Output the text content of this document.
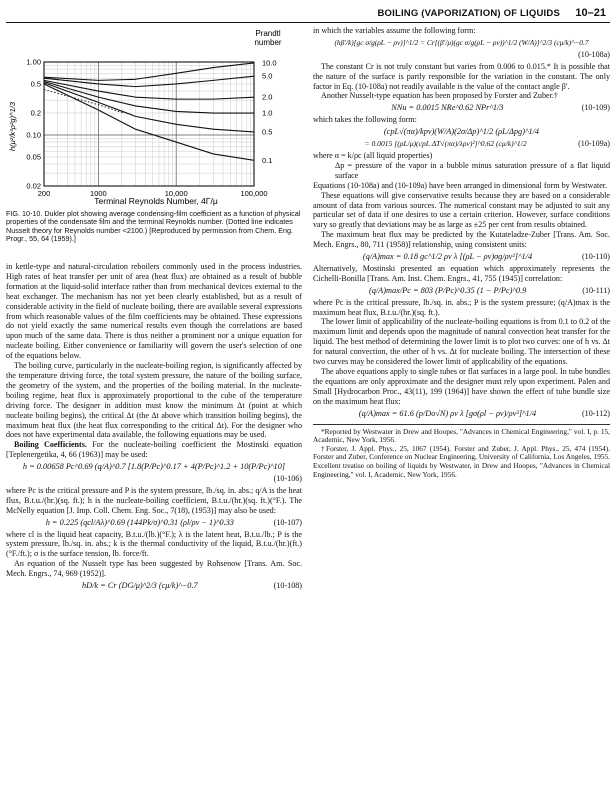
BOILING (VAPORIZATION) OF LIQUIDS 10–21
Prandtl
number
h(μ²/k³ρ²g)^1/3
Terminal Reynolds Number, 4Γ/μ
200	1000	10,000	100,000
1.00
0.5
0.2
0.10
0.05
0.02
10.0
5.0
2.0
1.0
0.5
0.1
FIG. 10-10. Dukler plot showing average condensing-film coefficient as a function of physical properties of the condensate film and the terminal Reynolds number. (Dotted line indicates Nusselt theory for Reynolds number <2100.) [Reproduced by permission from Chem. Eng. Progr., 55, 64 (1959).]

in kettle-type and natural-circulation reboilers commonly used in the process industries. High rates of heat transfer per unit of area (heat flux) are obtained as a result of bubble formation at the liquid-solid interface rather than from mechanical devices external to the heat exchanger. The mechanism has not yet been clearly established, but as a result of considerable activity in the field of nucleate boiling, there are available several expressions from which reasonable values of the film coefficients may be obtained. These expressions do not yield exactly the same numerical results even though the correlations are based upon much of the same data. There is thus neither a prominent nor a unique equation for nucleate boiling. Either convenience or familiarity will govern the user's selection of one of the equations below.

The boiling curve, particularly in the nucleate-boiling region, is significantly affected by the temperature driving force, the total system pressure, the nature of the boiling surface, the geometry of the system, and the properties of the boiling material. In the nucleate-boiling regime, heat flux is approximately proportional to the cube of the temperature driving force. The designer in addition must know the minimum Δt (point at which nucleate boiling begins), the critical Δt (the Δt above which transition boiling begins), the maximum heat flux (the heat flux corresponding to the critical Δt). For the designer who does not have experimental data available, the following equations may be used.

Boiling Coefficients. For the nucleate-boiling coefficient the Mostinski equation [Teplenergetika, 4, 66 (1963)] may be used:

h = 0.00658 Pc^0.69 (q/A)^0.7 [1.8(P/Pc)^0.17 + 4(P/Pc)^1.2 + 10(P/Pc)^10]
(10-106)

where Pc is the critical pressure and P is the system pressure, lb./sq. in. abs.; q/A is the heat flux, B.t.u./(hr.)(sq. ft.); h is the nucleate-boiling coefficient, B.t.u./(hr.)(sq. ft.)(°F.). The McNelly equation [J. Imp. Coll. Chem. Eng. Soc., 7(18), (1953)] may also be used:

h = 0.225 (qcl/Aλ)^0.69 (144Pk/σ)^0.31 (ρl/ρv − 1)^0.33	(10-107)

where cl is the liquid heat capacity, B.t.u./(lb.)(°F.); λ is the latent heat, B.t.u./lb.; P is the system pressure, lb./sq. in. abs.; k is the thermal conductivity of the liquid, B.t.u./(hr.)(ft.)(°F./ft.); σ is the surface tension, lb. force/ft.

An equation of the Nusselt type has been suggested by Rohsenow [Trans. Am. Soc. Mech. Engrs., 74, 969 (1952)].

hD/k = Cr (DG/μ)^2/3 (cμ/k)^−0.7	(10-108)

in which the variables assume the following form:

(hβ′/k)[gc σ/g(ρL − ρv)]^1/2 = Cr[(β′/μ)(gc σ/g(ρL − ρv))^1/2 (W/A)]^2/3 (cμ/k)^−0.7
(10-108a)

The constant Cr is not truly constant but varies from 0.006 to 0.015.* It is possible that the nature of the surface is partly responsible for the variation in the constant. The only factor in Eq. (10-108a) not readily available is the value of the contact angle β′.

Another Nusselt-type equation has been proposed by Forster and Zuber.†

NNu = 0.0015 NRe^0.62 NPr^1/3	(10-109)

which takes the following form:

(cpL√(πα)/kpv)(W/A)(2σ/Δp)^1/2 (ρL/Δpg)^1/4
= 0.0015 [(ρL/μ)(cpL ΔT√(πα)/λρv)²]^0.62 (cμ/k)^1/2	(10-109a)

where α = k/ρc (all liquid properties)

Δp = pressure of the vapor in a bubble minus saturation pressure of a flat liquid surface

Equations (10-108a) and (10-109a) have been arranged in dimensional form by Westwater.

These equations will give conservative results because they are based on a considerable amount of data from various sources. The numerical constant may be adjusted to suit any particular set of data if one desires to use a certain criterion. However, surface conditions vary so greatly that deviations may be as large as ±25 per cent from results obtained.

The maximum heat flux may be predicted by the Kutateladze-Zuber [Trans. Am. Soc. Mech. Engrs., 80, 711 (1958)] relationship, using consistent units:

(q/A)max = 0.18 gc^1/2 ρv λ [(ρL − ρv)σg/ρv²]^1/4	(10-110)

Alternatively, Mostinski presented an equation which approximately represents the Cichelli-Bonilla [Trans. Am. Inst. Chem. Engrs., 41, 755 (1945)] correlation:

(q/A)max/Pc = 803 (P/Pc)^0.35 (1 − P/Pc)^0.9	(10-111)

where Pc is the critical pressure, lb./sq. in. abs.; P is the system pressure; (q/A)max is the maximum heat flux, B.t.u./(hr.)(sq. ft.).

The lower limit of applicability of the nucleate-boiling equations is from 0.1 to 0.2 of the maximum limit and depends upon the magnitude of natural convection heat transfer for the liquid. The best method of determining the lower limit is to plot two curves: one of h vs. Δt for natural convection, the other of h vs. Δt for nucleate boiling. The intersection of these two curves may be considered the lower limit of applicability of the equations.

The above equations apply to single tubes or flat surfaces in a large pool. In tube bundles the equations are only approximate and the designer must rely upon experiment. Palen and Small [Hydrocarbon Proc., 43(11), 199 (1964)] have shown the effect of tube bundle size on the maximum heat flux:

(q/A)max = 61.6 (p/Do√N) ρv λ [gσ(ρl − ρv)/ρv²]^1/4	(10-112)

*Reported by Westwater in Drew and Hoopes, "Advances in Chemical Engineering," vol. I, p. 15, Academic, New York, 1956.

†Forster, J. Appl. Phys., 25, 1067 (1954). Forster and Zuber, J. Appl. Phys., 25, 474 (1954). Forster and Zuber, Conference on Nuclear Engineering, University of California, Los Angeles, 1955. Excellent treatise on boiling of liquids by Westwater, in Drew and Hoopes, "Advances in Chemical Engineering," vol. I, Academic, New York, 1956.
